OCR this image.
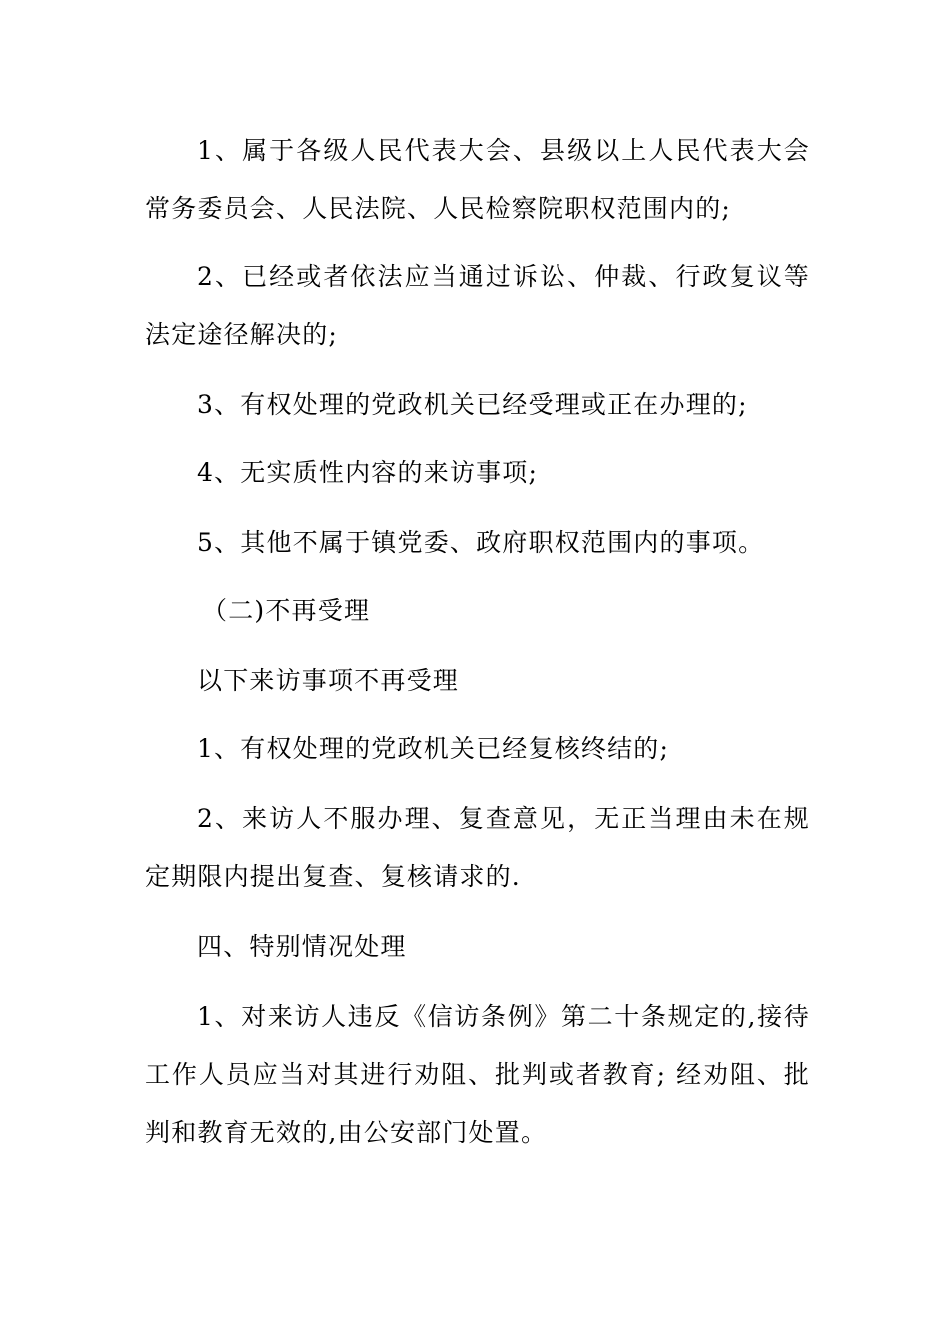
1、属于各级人民代表大会、县级以上人民代表大会常务委员会、人民法院、人民检察院职权范围内的;

2、已经或者依法应当通过诉讼、仲裁、行政复议等法定途径解决的;

3、有权处理的党政机关已经受理或正在办理的;

4、无实质性内容的来访事项;

5、其他不属于镇党委、政府职权范围内的事项。

（二)不再受理

以下来访事项不再受理

1、有权处理的党政机关已经复核终结的;

2、来访人不服办理、复查意见，无正当理由未在规定期限内提出复查、复核请求的.

四、特别情况处理

1、对来访人违反《信访条例》第二十条规定的,接待工作人员应当对其进行劝阻、批判或者教育; 经劝阻、批判和教育无效的,由公安部门处置。
